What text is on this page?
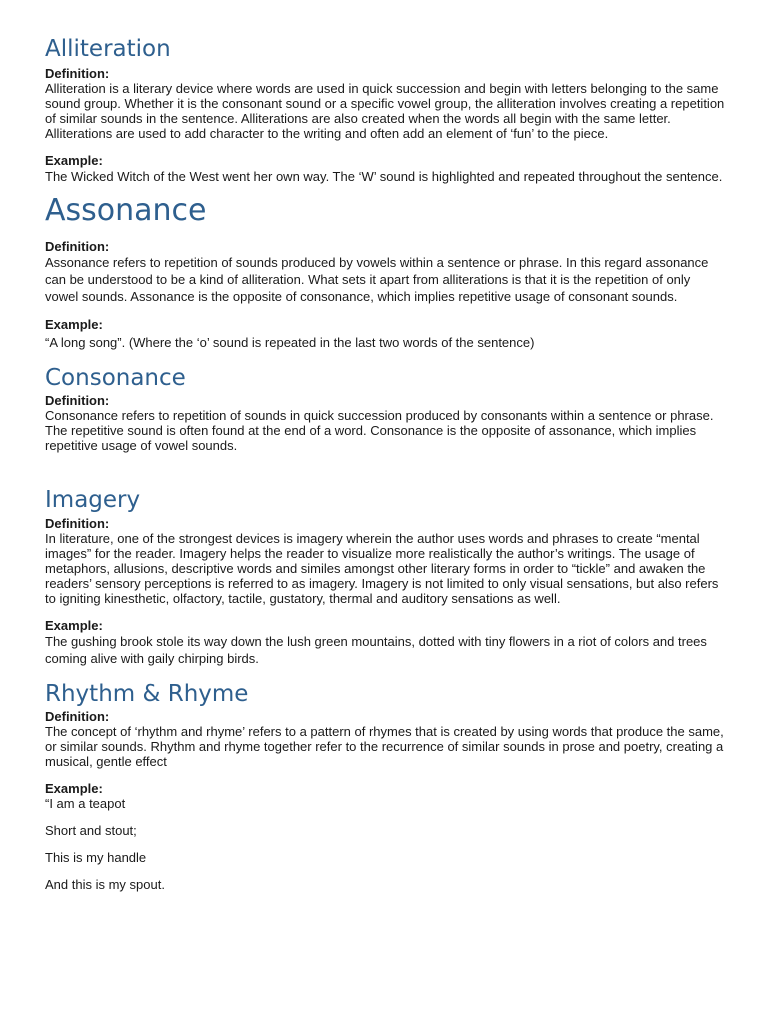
Alliteration

Definition:

Alliteration is a literary device where words are used in quick succession and begin with letters belonging to the same sound group. Whether it is the consonant sound or a specific vowel group, the alliteration involves creating a repetition of similar sounds in the sentence. Alliterations are also created when the words all begin with the same letter. Alliterations are used to add character to the writing and often add an element of ‘fun’ to the piece.

Example:

The Wicked Witch of the West went her own way. The ‘W’ sound is highlighted and repeated throughout the sentence.

Assonance

Definition:

Assonance refers to repetition of sounds produced by vowels within a sentence or phrase. In this regard assonance can be understood to be a kind of alliteration. What sets it apart from alliterations is that it is the repetition of only vowel sounds. Assonance is the opposite of consonance, which implies repetitive usage of consonant sounds.

Example:

“A long song”. (Where the ‘o’ sound is repeated in the last two words of the sentence)

Consonance

Definition:

Consonance refers to repetition of sounds in quick succession produced by consonants within a sentence or phrase. The repetitive sound is often found at the end of a word. Consonance is the opposite of assonance, which implies repetitive usage of vowel sounds.

Imagery

Definition:

In literature, one of the strongest devices is imagery wherein the author uses words and phrases to create “mental images” for the reader. Imagery helps the reader to visualize more realistically the author’s writings. The usage of metaphors, allusions, descriptive words and similes amongst other literary forms in order to “tickle” and awaken the readers’ sensory perceptions is referred to as imagery. Imagery is not limited to only visual sensations, but also refers to igniting kinesthetic, olfactory, tactile, gustatory, thermal and auditory sensations as well.

Example:

The gushing brook stole its way down the lush green mountains, dotted with tiny flowers in a riot of colors and trees coming alive with gaily chirping birds.

Rhythm & Rhyme

Definition:

The concept of ‘rhythm and rhyme’ refers to a pattern of rhymes that is created by using words that produce the same, or similar sounds. Rhythm and rhyme together refer to the recurrence of similar sounds in prose and poetry, creating a musical, gentle effect

Example:

“I am a teapot

Short and stout;

This is my handle

And this is my spout.
